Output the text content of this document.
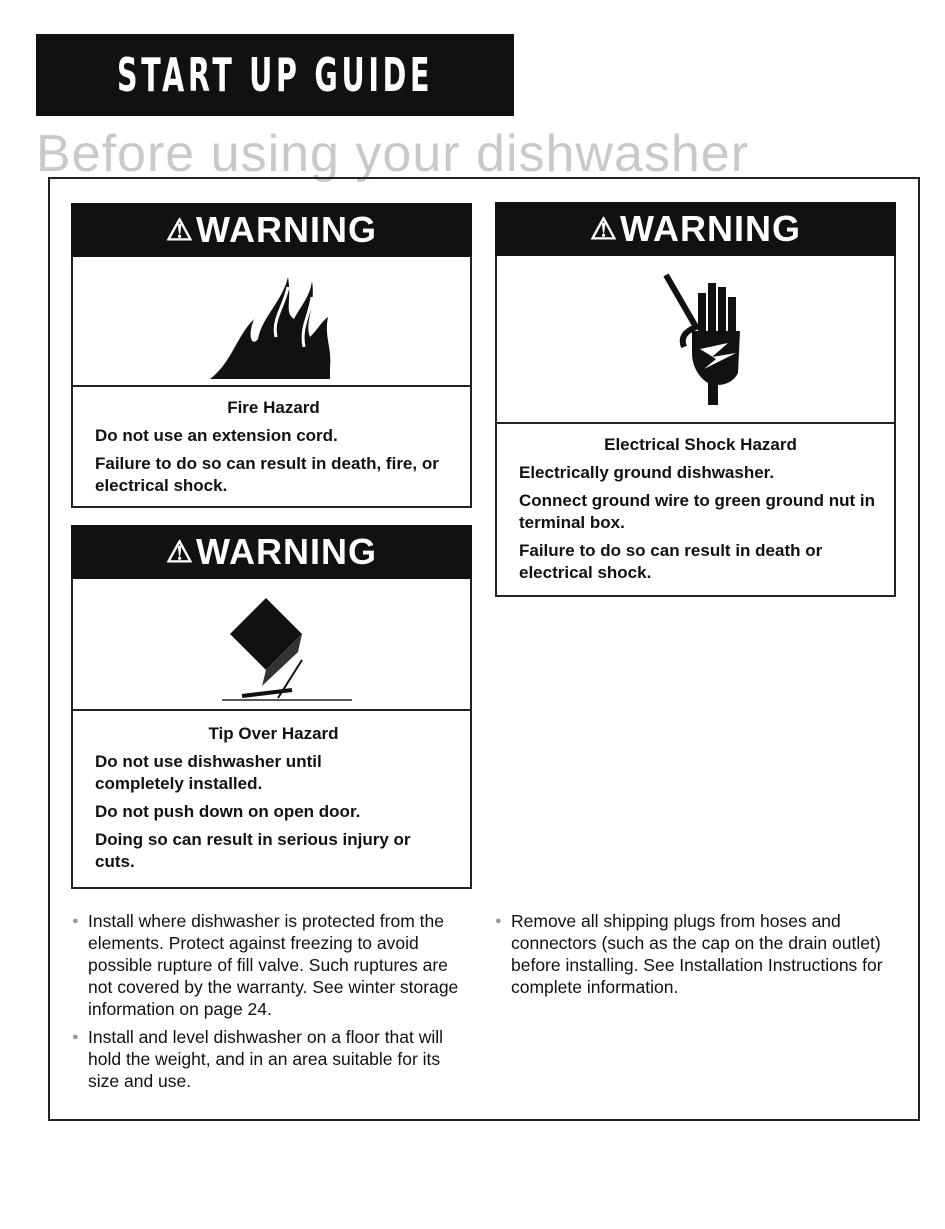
START UP GUIDE
Before using your dishwasher
⚠ WARNING
Fire Hazard

Do not use an extension cord.

Failure to do so can result in death, fire, or electrical shock.

⚠ WARNING
Tip Over Hazard

Do not use dishwasher until completely installed.

Do not push down on open door.

Doing so can result in serious injury or cuts.

⚠ WARNING
Electrical Shock Hazard

Electrically ground dishwasher.

Connect ground wire to green ground nut in terminal box.

Failure to do so can result in death or electrical shock.

● Install where dishwasher is protected from the elements. Protect against freezing to avoid possible rupture of fill valve. Such ruptures are not covered by the warranty. See winter storage information on page 24.
● Install and level dishwasher on a floor that will hold the weight, and in an area suitable for its size and use.
● Remove all shipping plugs from hoses and connectors (such as the cap on the drain outlet) before installing. See Installation Instructions for complete information.
